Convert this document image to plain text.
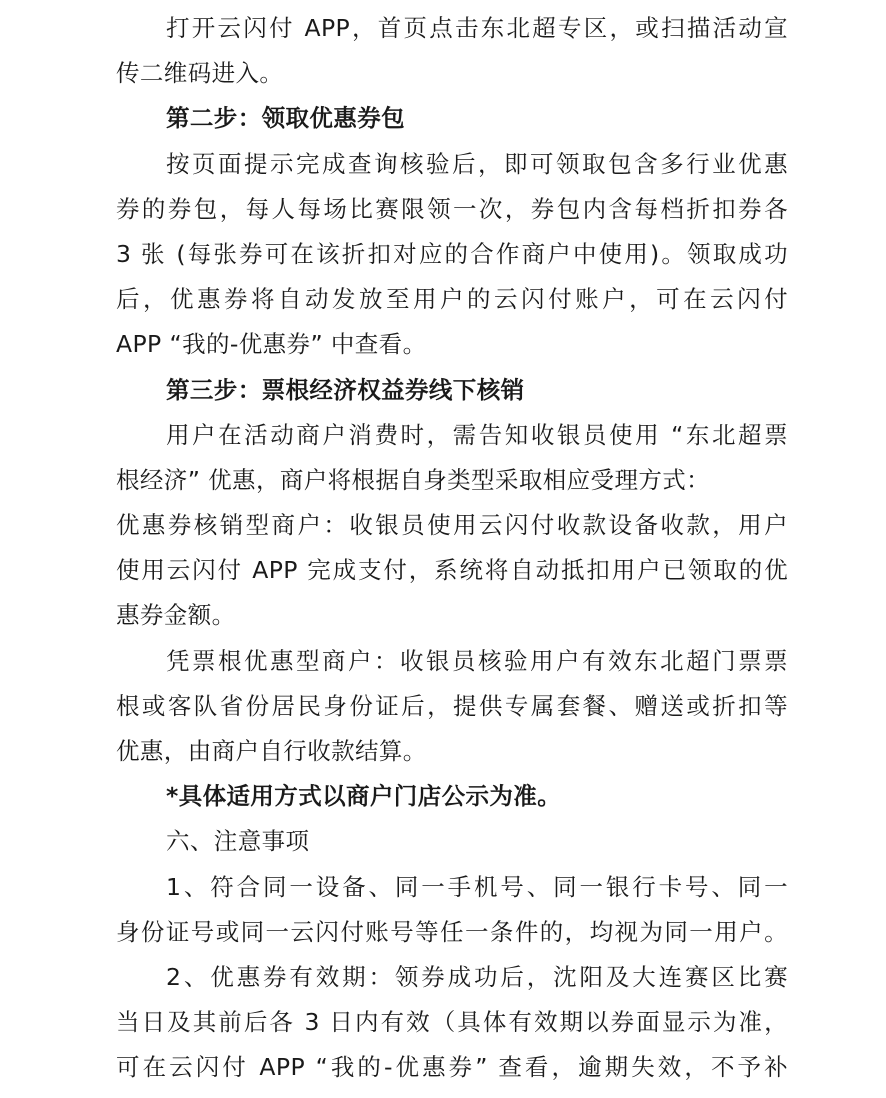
打开云闪付 APP，首页点击东北超专区，或扫描活动宣
传二维码进入。
第二步：领取优惠券包
按页面提示完成查询核验后，即可领取包含多行业优惠
券的券包，每人每场比赛限领一次，券包内含每档折扣券各
3 张 (每张券可在该折扣对应的合作商户中使用)。领取成功
后，优惠券将自动发放至用户的云闪付账户，可在云闪付
APP “我的-优惠券” 中查看。
第三步：票根经济权益券线下核销
用户在活动商户消费时，需告知收银员使用 “东北超票
根经济” 优惠，商户将根据自身类型采取相应受理方式：
优惠券核销型商户：收银员使用云闪付收款设备收款，用户
使用云闪付 APP 完成支付，系统将自动抵扣用户已领取的优
惠券金额。
凭票根优惠型商户：收银员核验用户有效东北超门票票
根或客队省份居民身份证后，提供专属套餐、赠送或折扣等
优惠，由商户自行收款结算。
*具体适用方式以商户门店公示为准。
六、注意事项
1、符合同一设备、同一手机号、同一银行卡号、同一
身份证号或同一云闪付账号等任一条件的，均视为同一用户。
2、优惠券有效期：领券成功后，沈阳及大连赛区比赛
当日及其前后各 3 日内有效（具体有效期以券面显示为准，
可在云闪付 APP “我的-优惠券” 查看，逾期失效，不予补
